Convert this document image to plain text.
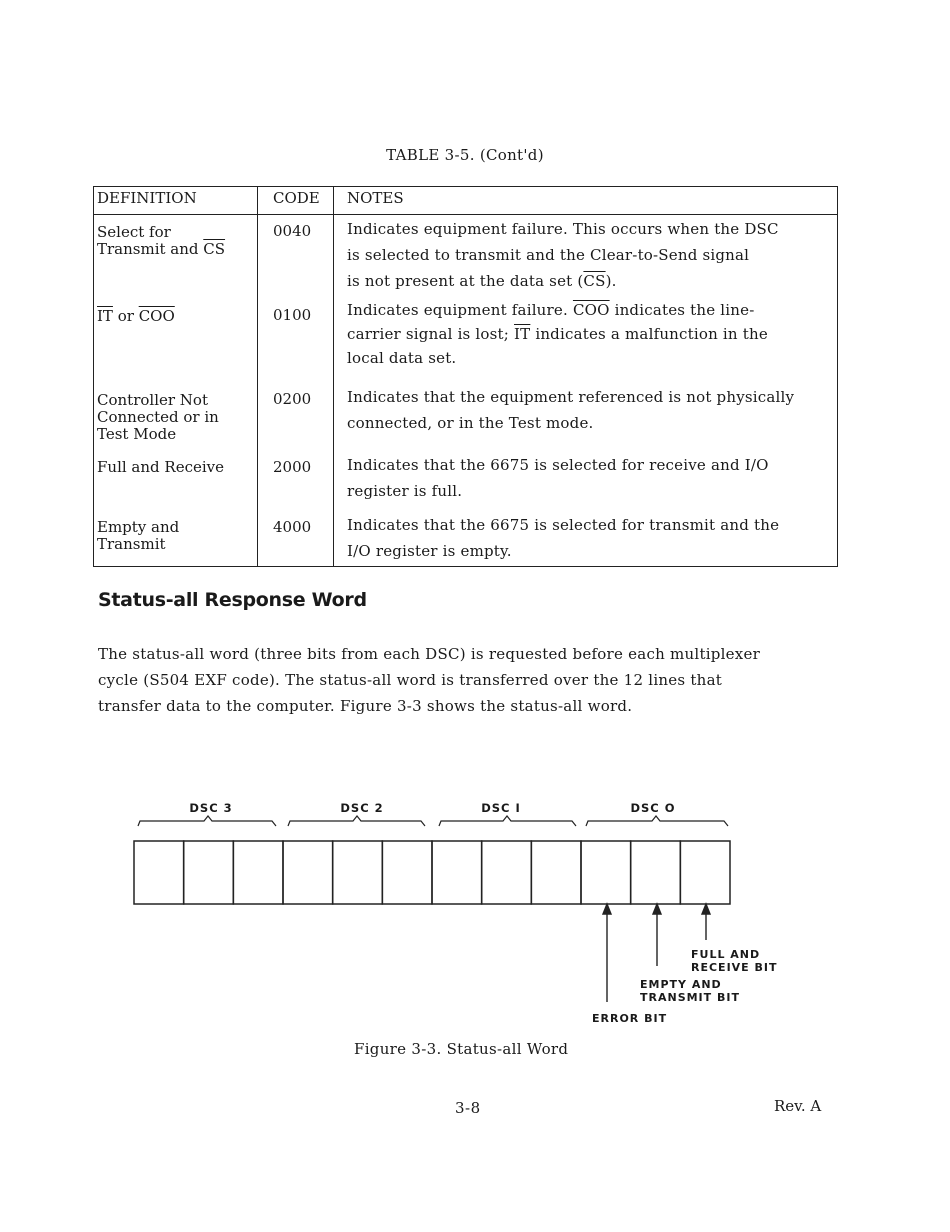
TABLE 3-5. (Cont'd)
DEFINITION	CODE NOTES
Select for
Transmit and $\overline{CS}$
0040 Indicates equipment failure. This occurs when the DSC
is selected to transmit and the Clear-to-Send signal
is not present at the data set $(\overline{CS})$.
$\overline{IT}$ or $\overline{COO}$	0100 Indicates equipment failure. $\overline{COO}$ indicates the line-
carrier signal is lost; $\overline{IT}$ indicates a malfunction in the
local data set.
Controller Not
Connected or in
Test Mode
0200 Indicates that the equipment referenced is not physically
connected, or in the Test mode.
Full and Receive	2000 Indicates that the 6675 is selected for receive and I/O
register is full.
Empty and
Transmit
4000 Indicates that the 6675 is selected for transmit and the
I/O register is empty.
Status-all Response Word
The status-all word (three bits from each DSC) is requested before each multiplexer
cycle (S504 EXF code). The status-all word is transferred over the 12 lines that
transfer data to the computer. Figure 3-3 shows the status-all word.
DSC 3	DSC 2	DSC I	DSC O
FULL AND
RECEIVE BIT
EMPTY AND
TRANSMIT BIT
ERROR BIT
Figure 3-3. Status-all Word
3-8	Rev. A
